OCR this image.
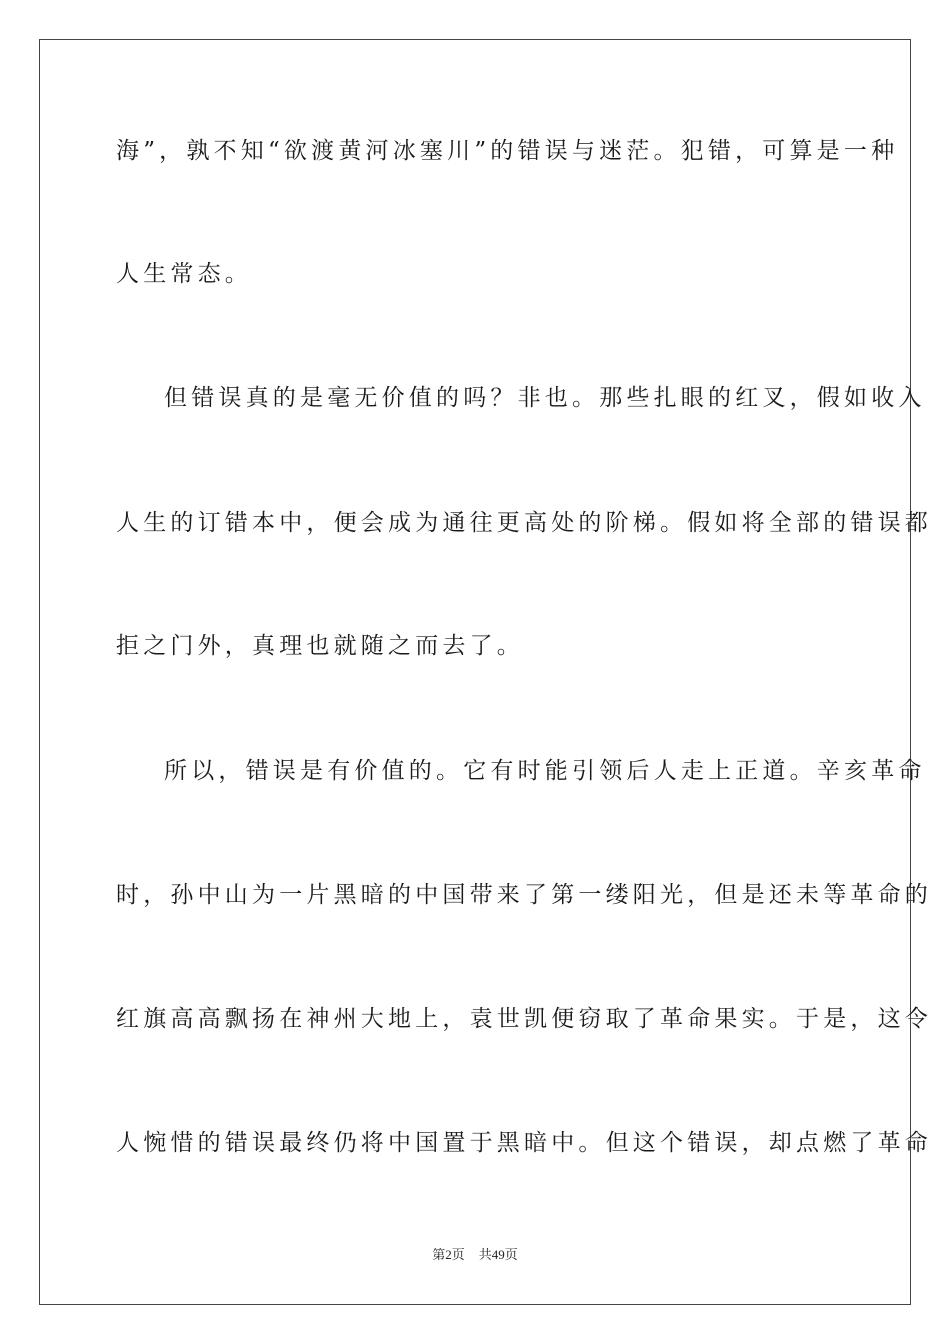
海”，孰不知“欲渡黄河冰塞川”的错误与迷茫。犯错，可算是一种
人生常态。
但错误真的是毫无价值的吗？非也。那些扎眼的红叉，假如收入
人生的订错本中，便会成为通往更高处的阶梯。假如将全部的错误都
拒之门外，真理也就随之而去了。
所以，错误是有价值的。它有时能引领后人走上正道。辛亥革命
时，孙中山为一片黑暗的中国带来了第一缕阳光，但是还未等革命的
红旗高高飘扬在神州大地上，袁世凯便窃取了革命果实。于是，这令
人惋惜的错误最终仍将中国置于黑暗中。但这个错误，却点燃了革命
第2页 共49页
